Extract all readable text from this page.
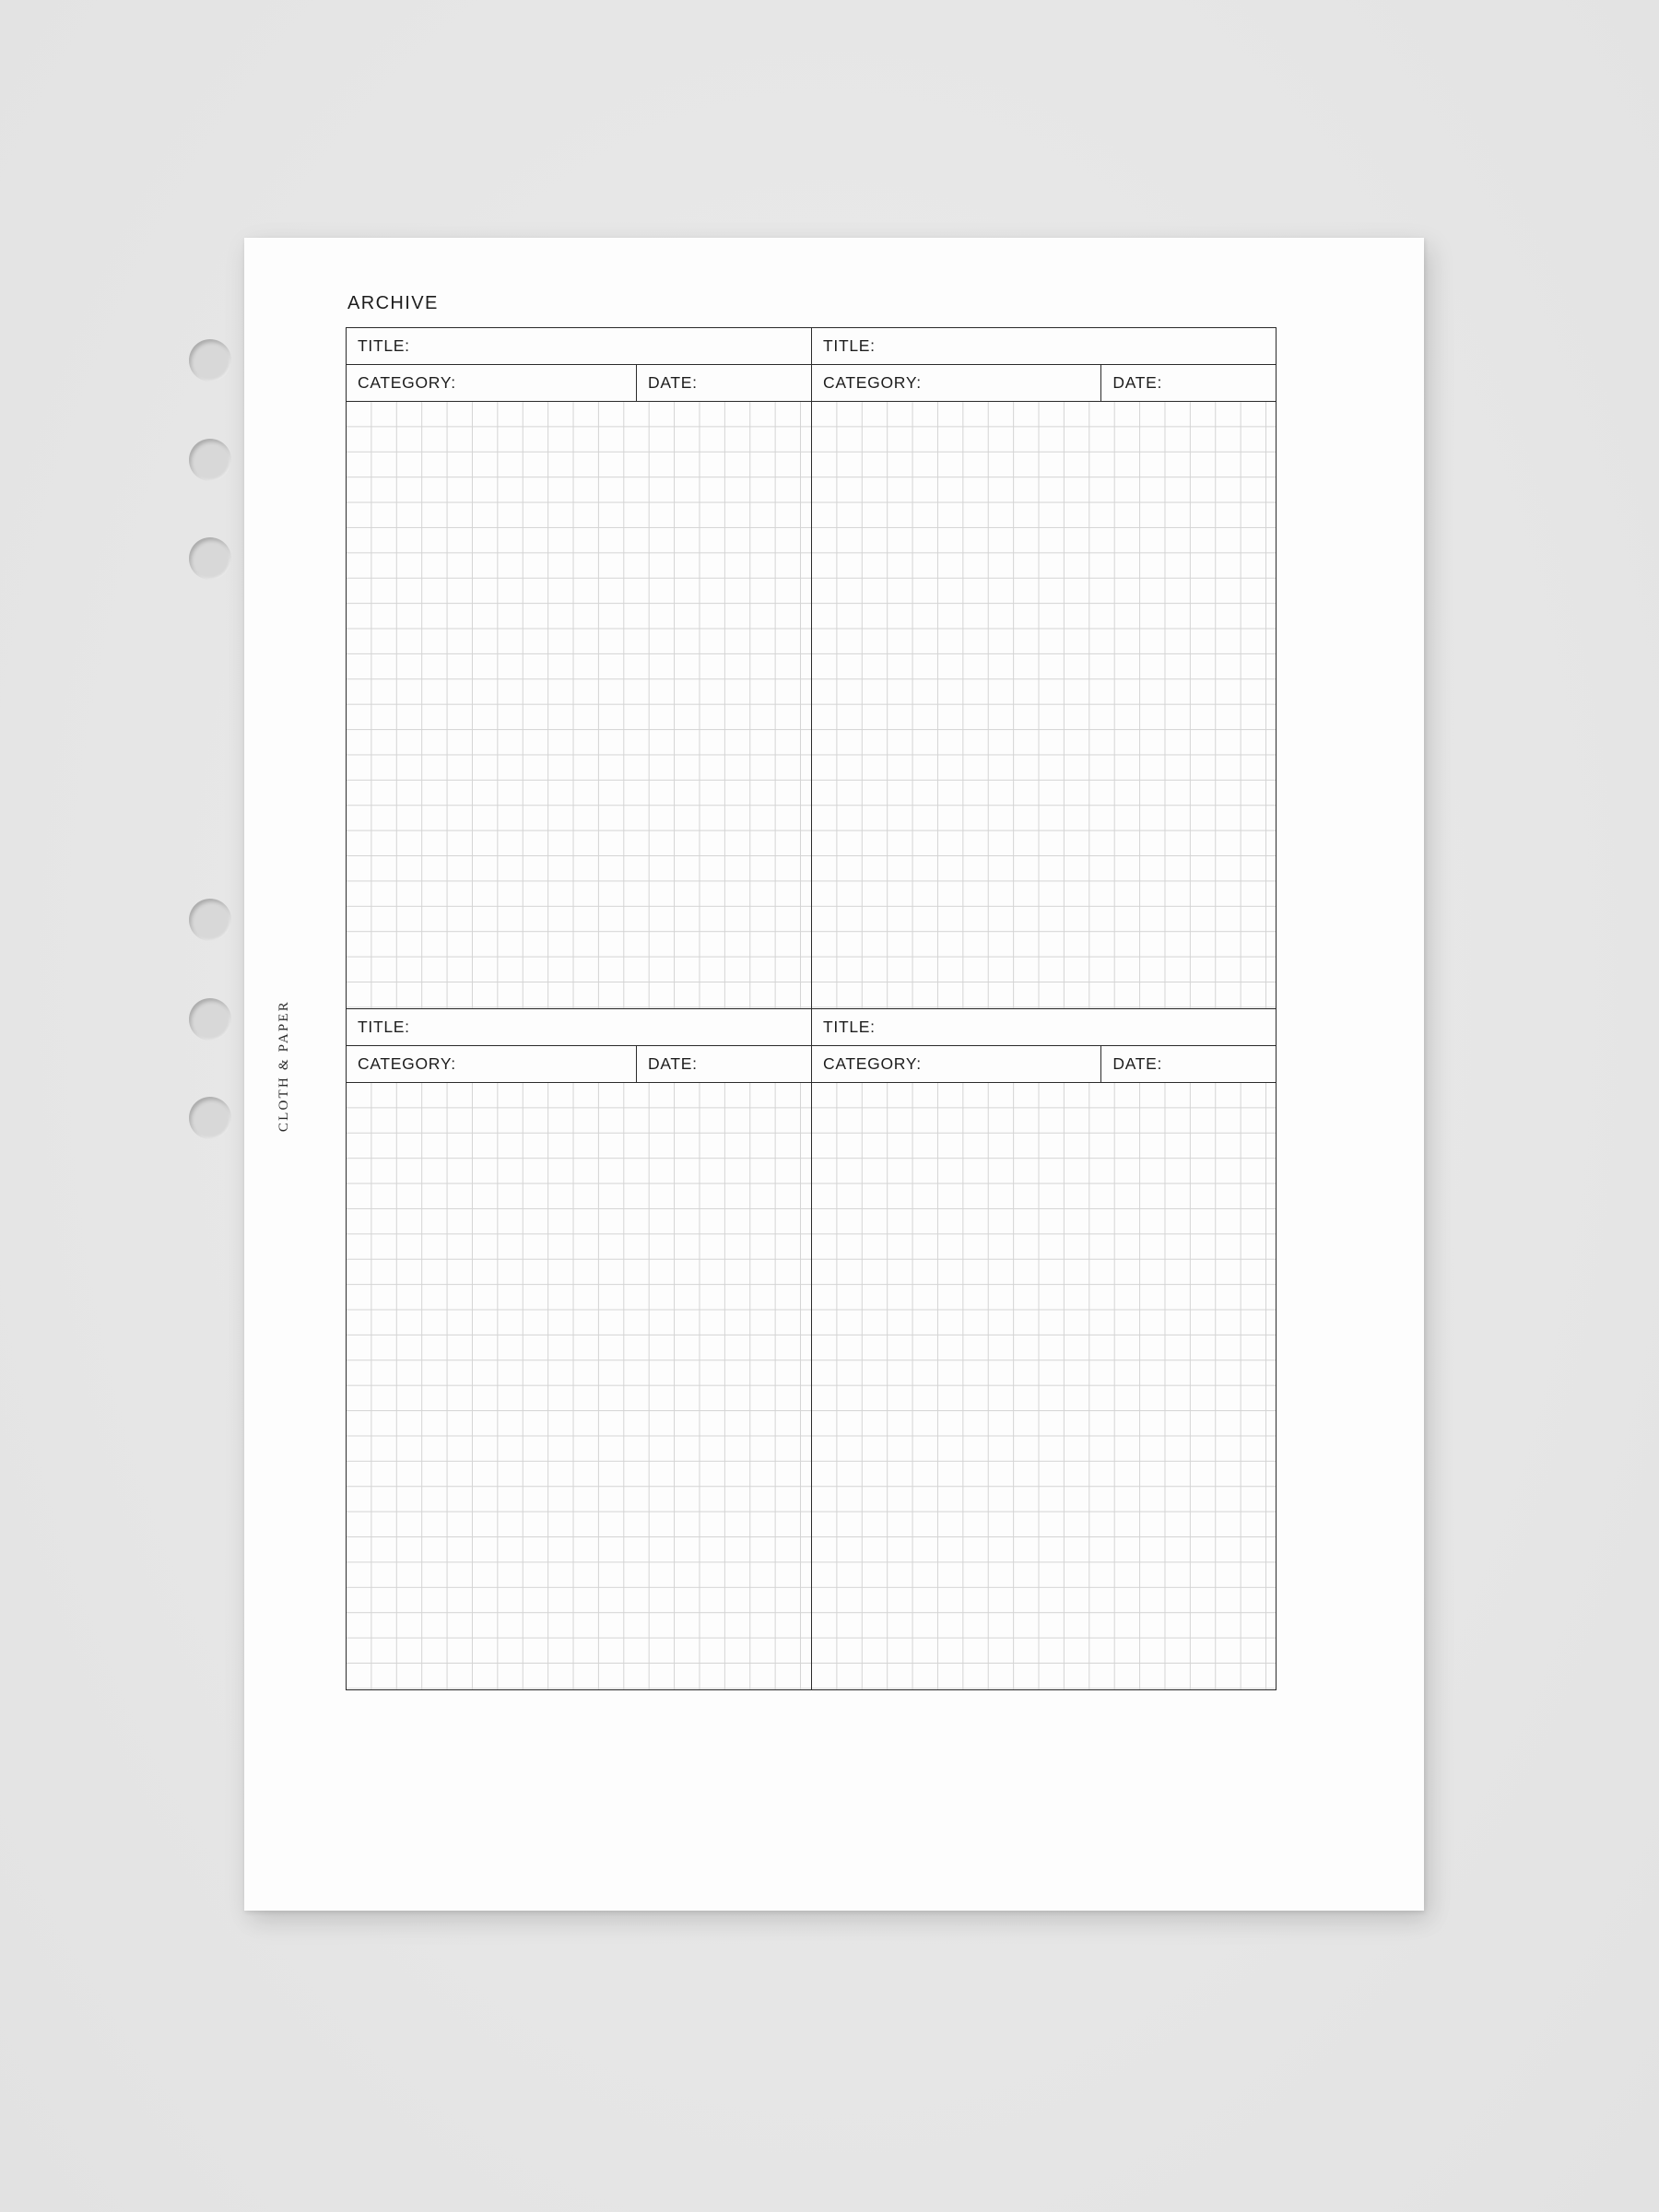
ARCHIVE
TITLE:	TITLE:
CATEGORY:	DATE:	CATEGORY:	DATE:
TITLE:	TITLE:
CATEGORY:	DATE:	CATEGORY:	DATE:
CLOTH & PAPER
